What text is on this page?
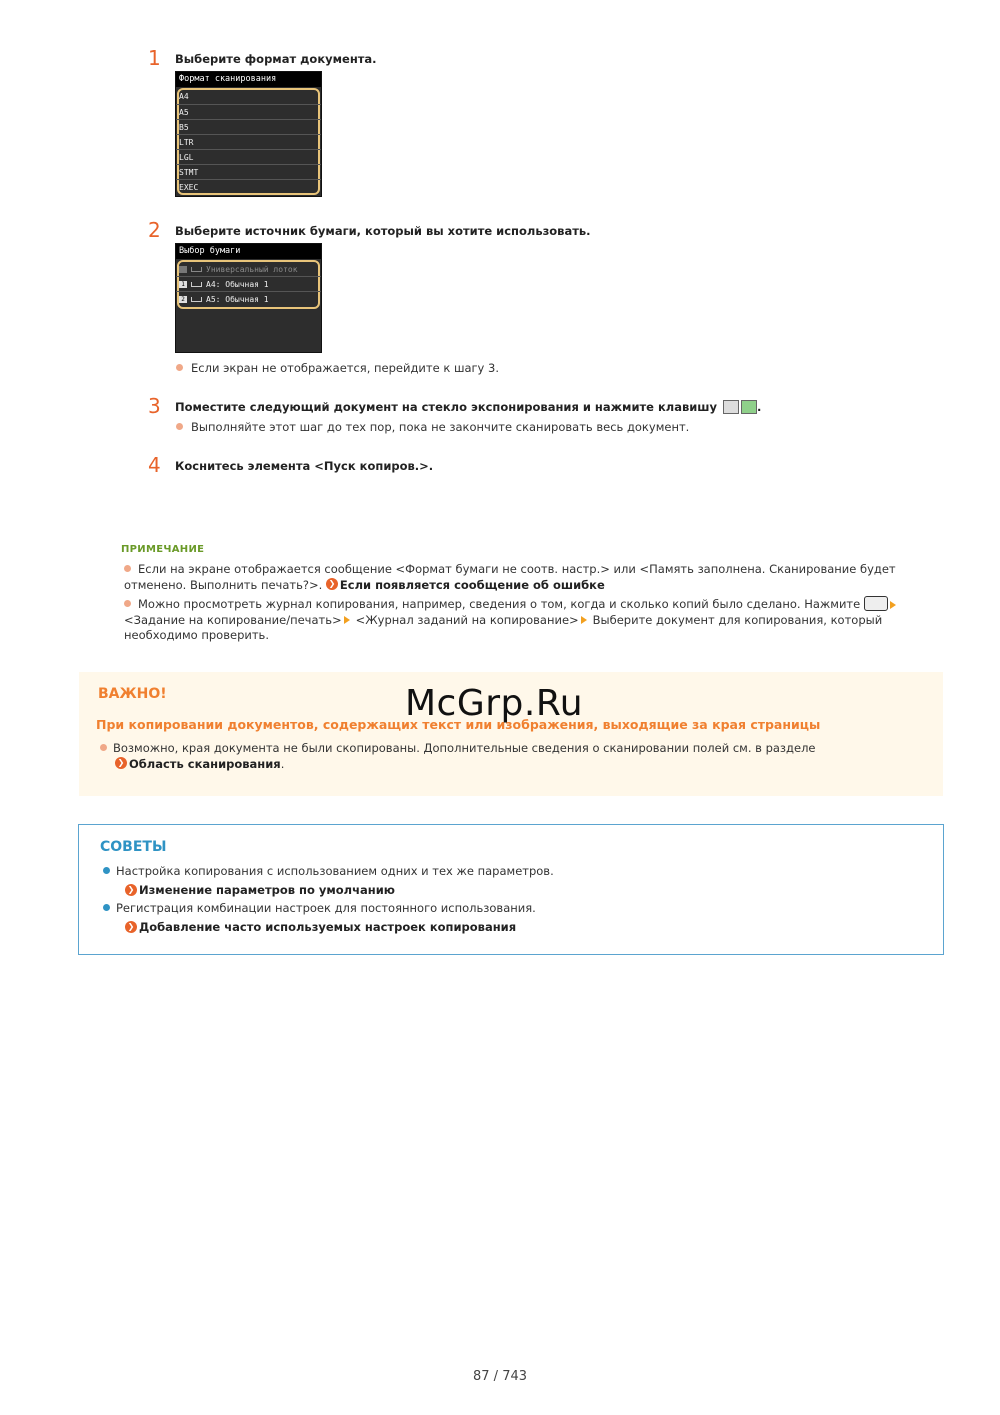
1 Выберите формат документа.
Формат сканирования
A4
A5
B5
LTR
LGL
STMT
EXEC
2 Выберите источник бумаги, который вы хотите использовать.
Выбор бумаги
Универсальный лоток
1	A4: Обычная 1
2	A5: Обычная 1
Если экран не отображается, перейдите к шагу 3.
3 Поместите следующий документ на стекло экспонирования и нажмите клавишу	.
Выполняйте этот шаг до тех пор, пока не закончите сканировать весь документ.
4 Коснитесь элемента <Пуск копиров.>.
ПРИМЕЧАНИЕ
Если на экране отображается сообщение <Формат бумаги не соотв. настр.> или <Память заполнена. Сканирование будет отменено. Выполнить печать?>. ❯ Если появляется сообщение об ошибке
Можно просмотреть журнал копирования, например, сведения о том, когда и сколько копий было сделано. Нажмите  <Задание на копирование/печать> <Журнал заданий на копирование> Выберите документ для копирования, который необходимо проверить.
ВАЖНО!
При копировании документов, содержащих текст или изображения, выходящие за края страницы
Возможно, края документа не были скопированы. Дополнительные сведения о сканировании полей см. в разделе
❯ Область сканирования.
McGrp.Ru
СОВЕТЫ
Настройка копирования с использованием одних и тех же параметров.
❯ Изменение параметров по умолчанию
Регистрация комбинации настроек для постоянного использования.
❯ Добавление часто используемых настроек копирования
87 / 743
